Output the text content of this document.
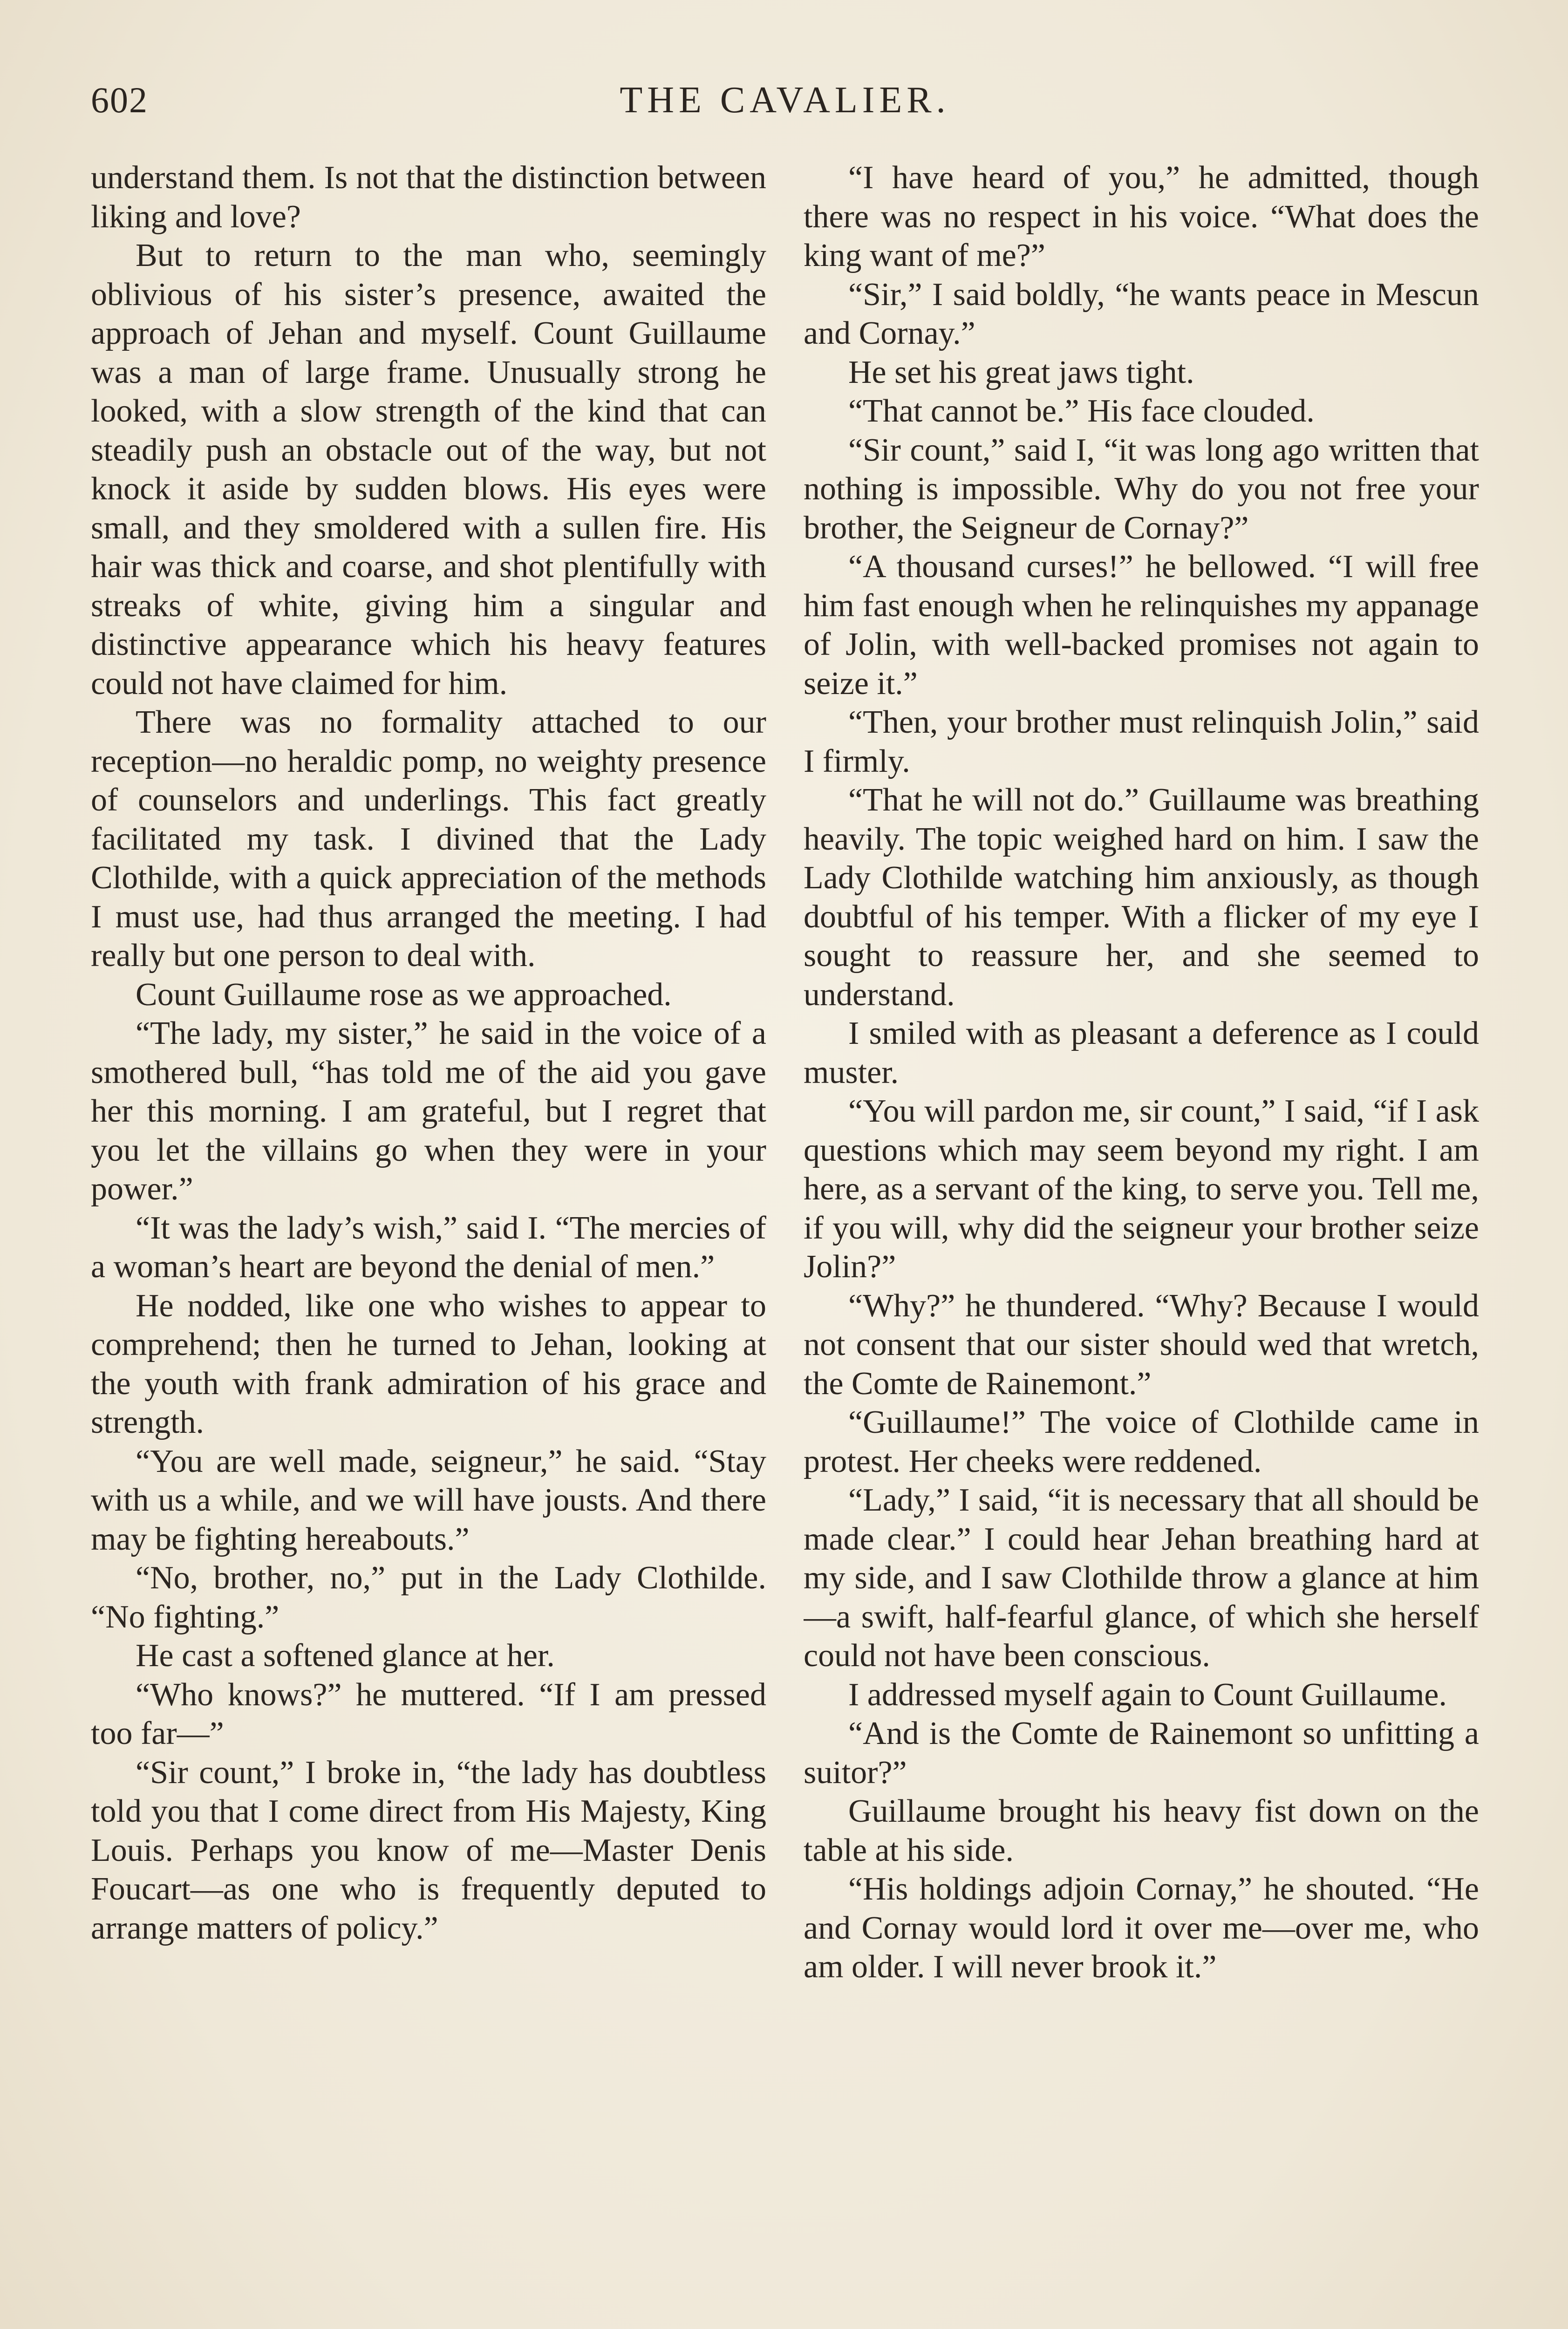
602	THE CAVALIER.

understand them. Is not that the distinction between liking and love?

But to return to the man who, seemingly oblivious of his sister’s presence, awaited the approach of Jehan and myself. Count Guillaume was a man of large frame. Unusually strong he looked, with a slow strength of the kind that can steadily push an obstacle out of the way, but not knock it aside by sudden blows. His eyes were small, and they smoldered with a sullen fire. His hair was thick and coarse, and shot plentifully with streaks of white, giving him a singular and distinctive appearance which his heavy features could not have claimed for him.

There was no formality attached to our reception—no heraldic pomp, no weighty presence of counselors and underlings. This fact greatly facilitated my task. I divined that the Lady Clothilde, with a quick appreciation of the methods I must use, had thus arranged the meeting. I had really but one person to deal with.

Count Guillaume rose as we approached.

“The lady, my sister,” he said in the voice of a smothered bull, “has told me of the aid you gave her this morning. I am grateful, but I regret that you let the villains go when they were in your power.”

“It was the lady’s wish,” said I. “The mercies of a woman’s heart are beyond the denial of men.”

He nodded, like one who wishes to appear to comprehend; then he turned to Jehan, looking at the youth with frank admiration of his grace and strength.

“You are well made, seigneur,” he said. “Stay with us a while, and we will have jousts. And there may be fighting hereabouts.”

“No, brother, no,” put in the Lady Clothilde. “No fighting.”

He cast a softened glance at her.

“Who knows?” he muttered. “If I am pressed too far—”

“Sir count,” I broke in, “the lady has doubtless told you that I come direct from His Majesty, King Louis. Perhaps you know of me—Master Denis Foucart—as one who is frequently deputed to arrange matters of policy.”

“I have heard of you,” he admitted, though there was no respect in his voice. “What does the king want of me?”

“Sir,” I said boldly, “he wants peace in Mescun and Cornay.”

He set his great jaws tight.

“That cannot be.” His face clouded.

“Sir count,” said I, “it was long ago written that nothing is impossible. Why do you not free your brother, the Seigneur de Cornay?”

“A thousand curses!” he bellowed. “I will free him fast enough when he relinquishes my appanage of Jolin, with well-backed promises not again to seize it.”

“Then, your brother must relinquish Jolin,” said I firmly.

“That he will not do.” Guillaume was breathing heavily. The topic weighed hard on him. I saw the Lady Clothilde watching him anxiously, as though doubtful of his temper. With a flicker of my eye I sought to reassure her, and she seemed to understand.

I smiled with as pleasant a deference as I could muster.

“You will pardon me, sir count,” I said, “if I ask questions which may seem beyond my right. I am here, as a servant of the king, to serve you. Tell me, if you will, why did the seigneur your brother seize Jolin?”

“Why?” he thundered. “Why? Because I would not consent that our sister should wed that wretch, the Comte de Rainemont.”

“Guillaume!” The voice of Clothilde came in protest. Her cheeks were reddened.

“Lady,” I said, “it is necessary that all should be made clear.” I could hear Jehan breathing hard at my side, and I saw Clothilde throw a glance at him—a swift, half-fearful glance, of which she herself could not have been conscious.

I addressed myself again to Count Guillaume.

“And is the Comte de Rainemont so unfitting a suitor?”

Guillaume brought his heavy fist down on the table at his side.

“His holdings adjoin Cornay,” he shouted. “He and Cornay would lord it over me—over me, who am older. I will never brook it.”
